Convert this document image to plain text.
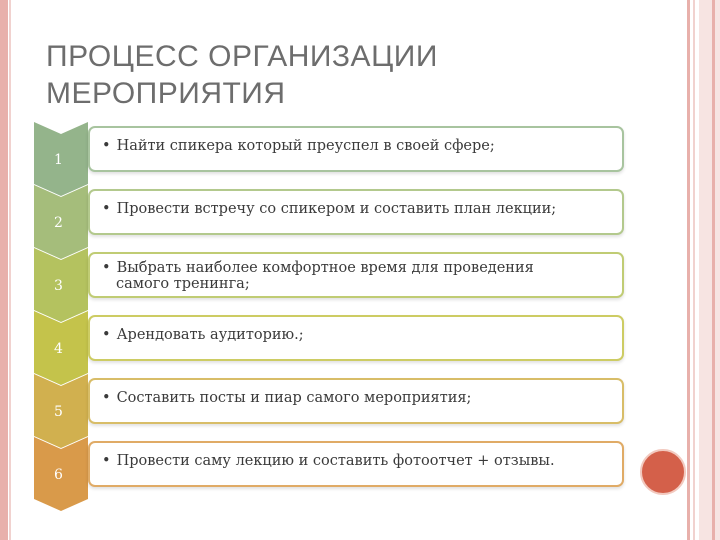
ПРОЦЕСС ОРГАНИЗАЦИИ
МЕРОПРИЯТИЯ
1
• Найти спикера который преуспел в своей сфере;
2
• Провести встречу со спикером и составить план лекции;
3
• Выбрать наиболее комфортное время для проведения
самого тренинга;
4
• Арендовать аудиторию.;
5
• Составить посты и пиар самого мероприятия;
6
• Провести саму лекцию и составить фотоотчет + отзывы.
